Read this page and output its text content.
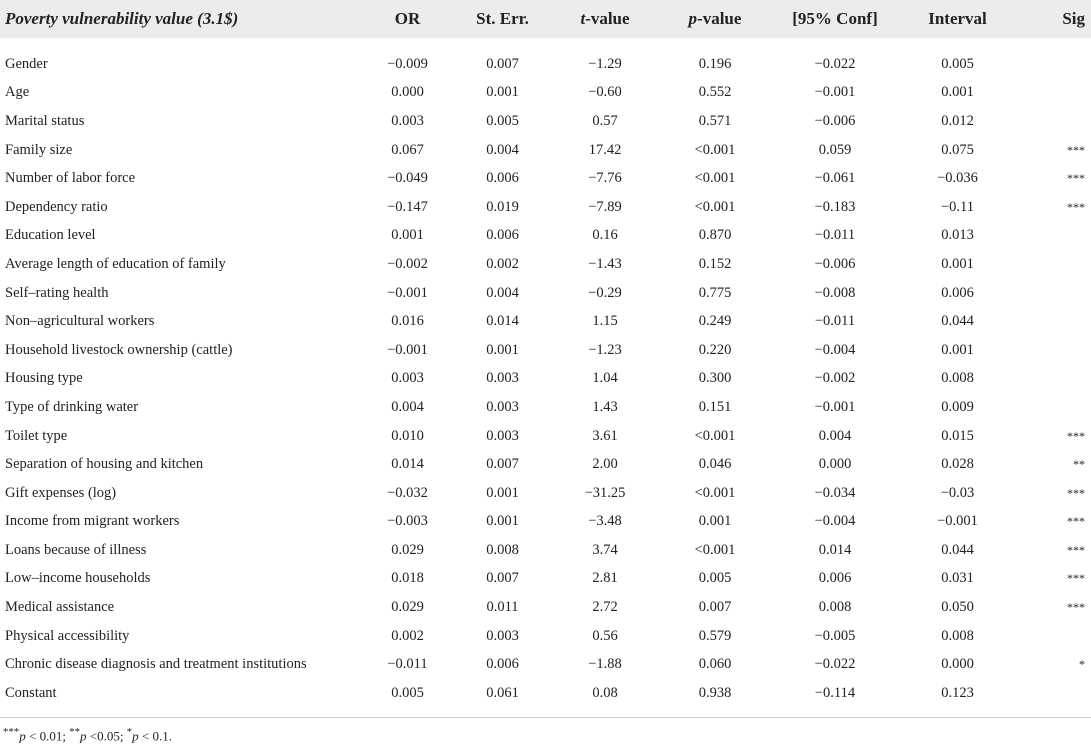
Poverty vulnerability value (3.1$)	OR	St. Err.	t-value	p-value	[95% Conf]	Interval	Sig
Gender	−0.009	0.007	−1.29	0.196	−0.022	0.005	
Age	0.000	0.001	−0.60	0.552	−0.001	0.001	
Marital status	0.003	0.005	0.57	0.571	−0.006	0.012	
Family size	0.067	0.004	17.42	<0.001	0.059	0.075	***
Number of labor force	−0.049	0.006	−7.76	<0.001	−0.061	−0.036	***
Dependency ratio	−0.147	0.019	−7.89	<0.001	−0.183	−0.11	***
Education level	0.001	0.006	0.16	0.870	−0.011	0.013	
Average length of education of family	−0.002	0.002	−1.43	0.152	−0.006	0.001	
Self–rating health	−0.001	0.004	−0.29	0.775	−0.008	0.006	
Non–agricultural workers	0.016	0.014	1.15	0.249	−0.011	0.044	
Household livestock ownership (cattle)	−0.001	0.001	−1.23	0.220	−0.004	0.001	
Housing type	0.003	0.003	1.04	0.300	−0.002	0.008	
Type of drinking water	0.004	0.003	1.43	0.151	−0.001	0.009	
Toilet type	0.010	0.003	3.61	<0.001	0.004	0.015	***
Separation of housing and kitchen	0.014	0.007	2.00	0.046	0.000	0.028	**
Gift expenses (log)	−0.032	0.001	−31.25	<0.001	−0.034	−0.03	***
Income from migrant workers	−0.003	0.001	−3.48	0.001	−0.004	−0.001	***
Loans because of illness	0.029	0.008	3.74	<0.001	0.014	0.044	***
Low–income households	0.018	0.007	2.81	0.005	0.006	0.031	***
Medical assistance	0.029	0.011	2.72	0.007	0.008	0.050	***
Physical accessibility	0.002	0.003	0.56	0.579	−0.005	0.008	
Chronic disease diagnosis and treatment institutions	−0.011	0.006	−1.88	0.060	−0.022	0.000	*
Constant	0.005	0.061	0.08	0.938	−0.114	0.123	
***p < 0.01; **p <0.05; *p < 0.1.
